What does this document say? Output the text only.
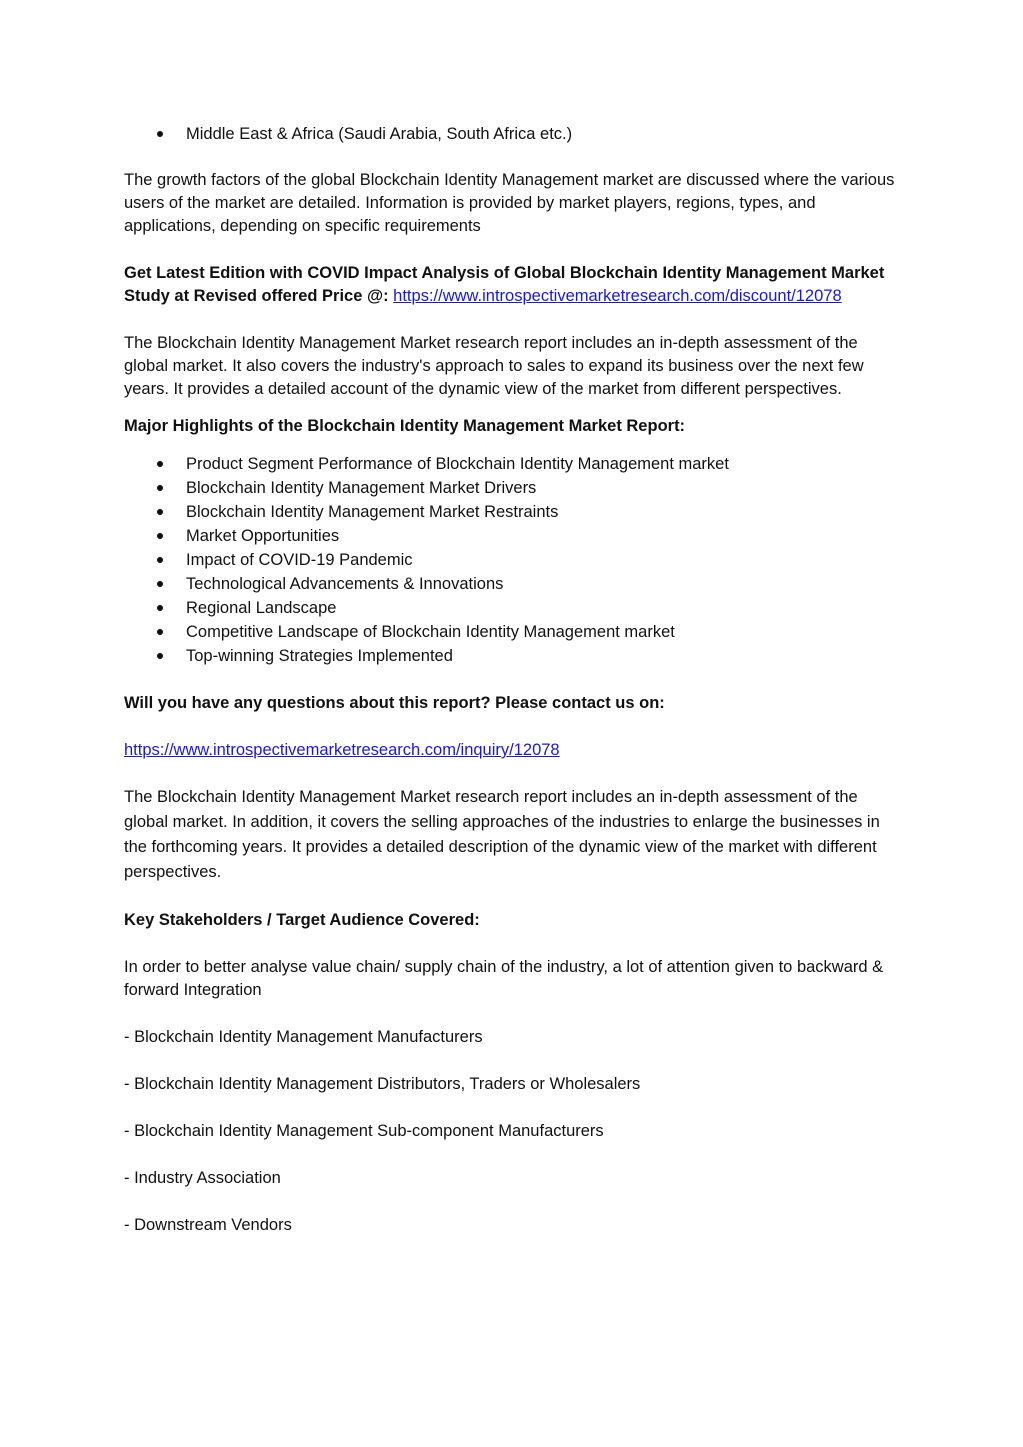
Middle East & Africa (Saudi Arabia, South Africa etc.)

The growth factors of the global Blockchain Identity Management market are discussed where the various users of the market are detailed. Information is provided by market players, regions, types, and applications, depending on specific requirements

Get Latest Edition with COVID Impact Analysis of Global Blockchain Identity Management Market Study at Revised offered Price @: https://www.introspectivemarketresearch.com/discount/12078

The Blockchain Identity Management Market research report includes an in-depth assessment of the global market. It also covers the industry's approach to sales to expand its business over the next few years. It provides a detailed account of the dynamic view of the market from different perspectives.

Major Highlights of the Blockchain Identity Management Market Report:

Product Segment Performance of Blockchain Identity Management market
Blockchain Identity Management Market Drivers
Blockchain Identity Management Market Restraints
Market Opportunities
Impact of COVID-19 Pandemic
Technological Advancements & Innovations
Regional Landscape
Competitive Landscape of Blockchain Identity Management market
Top-winning Strategies Implemented

Will you have any questions about this report? Please contact us on:

https://www.introspectivemarketresearch.com/inquiry/12078

The Blockchain Identity Management Market research report includes an in-depth assessment of the global market. In addition, it covers the selling approaches of the industries to enlarge the businesses in the forthcoming years. It provides a detailed description of the dynamic view of the market with different perspectives.

Key Stakeholders / Target Audience Covered:

In order to better analyse value chain/ supply chain of the industry, a lot of attention given to backward & forward Integration

- Blockchain Identity Management Manufacturers

- Blockchain Identity Management Distributors, Traders or Wholesalers

- Blockchain Identity Management Sub-component Manufacturers

- Industry Association

- Downstream Vendors
